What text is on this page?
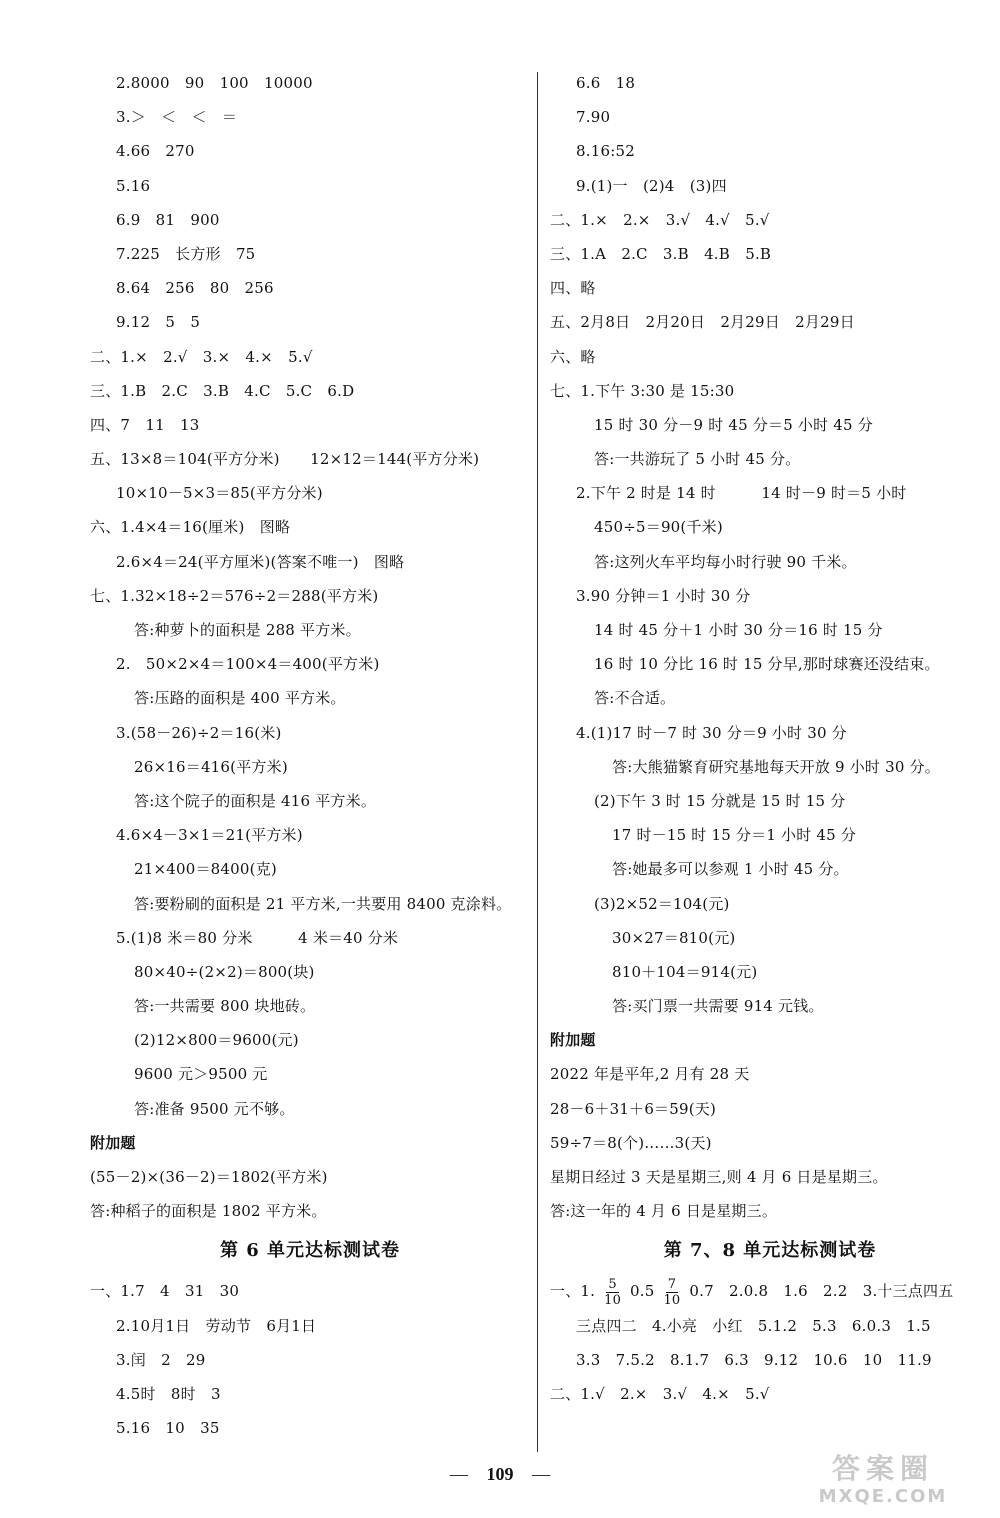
2.8000　90　100　10000
3.＞　＜　＜　＝
4.66　270
5.16
6.9　81　900
7.225　长方形　75
8.64　256　80　256
9.12　5　5
二、1.×　2.√　3.×　4.×　5.√
三、1.B　2.C　3.B　4.C　5.C　6.D
四、7　11　13
五、13×8＝104(平方分米)　　12×12＝144(平方分米)
10×10－5×3＝85(平方分米)
六、1.4×4＝16(厘米)　图略
2.6×4＝24(平方厘米)(答案不唯一)　图略
七、1.32×18÷2＝576÷2＝288(平方米)
答:种萝卜的面积是 288 平方米。
2.　50×2×4＝100×4＝400(平方米)
答:压路的面积是 400 平方米。
3.(58－26)÷2＝16(米)
26×16＝416(平方米)
答:这个院子的面积是 416 平方米。
4.6×4－3×1＝21(平方米)
21×400＝8400(克)
答:要粉刷的面积是 21 平方米,一共要用 8400 克涂料。
5.(1)8 米＝80 分米　　　4 米＝40 分米
80×40÷(2×2)＝800(块)
答:一共需要 800 块地砖。
(2)12×800＝9600(元)
9600 元＞9500 元
答:准备 9500 元不够。
附加题
(55－2)×(36－2)＝1802(平方米)
答:种稻子的面积是 1802 平方米。
第 6 单元达标测试卷
一、1.7　4　31　30
2.10月1日　劳动节　6月1日
3.闰　2　29
4.5时　8时　3
5.16　10　35
6.6　18
7.90
8.16:52
9.(1)一　(2)4　(3)四
二、1.×　2.×　3.√　4.√　5.√
三、1.A　2.C　3.B　4.B　5.B
四、略
五、2月8日　2月20日　2月29日　2月29日
六、略
七、1.下午 3:30 是 15:30
15 时 30 分－9 时 45 分＝5 小时 45 分
答:一共游玩了 5 小时 45 分。
2.下午 2 时是 14 时　　　14 时－9 时＝5 小时
450÷5＝90(千米)
答:这列火车平均每小时行驶 90 千米。
3.90 分钟＝1 小时 30 分
14 时 45 分＋1 小时 30 分＝16 时 15 分
16 时 10 分比 16 时 15 分早,那时球赛还没结束。
答:不合适。
4.(1)17 时－7 时 30 分＝9 小时 30 分
答:大熊猫繁育研究基地每天开放 9 小时 30 分。
(2)下午 3 时 15 分就是 15 时 15 分
17 时－15 时 15 分＝1 小时 45 分
答:她最多可以参观 1 小时 45 分。
(3)2×52＝104(元)
30×27＝810(元)
810＋104＝914(元)
答:买门票一共需要 914 元钱。
附加题
2022 年是平年,2 月有 28 天
28－6＋31＋6＝59(天)
59÷7＝8(个)……3(天)
星期日经过 3 天是星期三,则 4 月 6 日是星期三。
答:这一年的 4 月 6 日是星期三。
第 7、8 单元达标测试卷
一、1. $\frac{5}{10} 0.5 \frac{7}{10} 0.7$　2.0.8　1.6　2.2　3.十三点四五
三点四二　4.小亮　小红　5.1.2　5.3　6.0.3　1.5
3.3　7.5.2　8.1.7　6.3　9.12　10.6　10　11.9
二、1.√　2.×　3.√　4.×　5.√
— 109 —	答案圈
MXQE.COM
